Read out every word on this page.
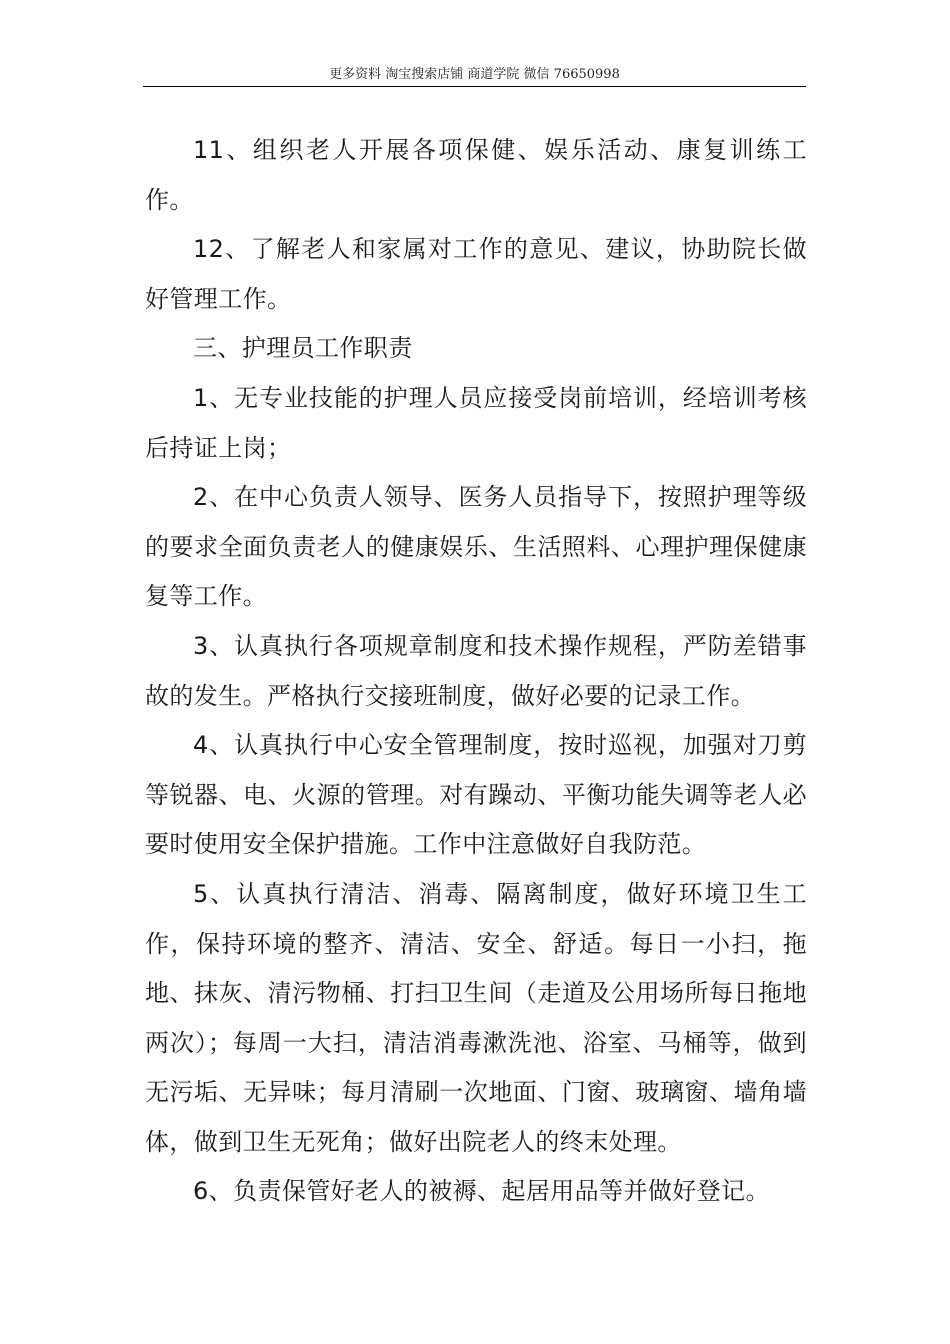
更多资料 淘宝搜索店铺 商道学院 微信 76650998

11、组织老人开展各项保健、娱乐活动、康复训练工作。

12、了解老人和家属对工作的意见、建议，协助院长做好管理工作。

三、护理员工作职责

1、无专业技能的护理人员应接受岗前培训，经培训考核后持证上岗；

2、在中心负责人领导、医务人员指导下，按照护理等级的要求全面负责老人的健康娱乐、生活照料、心理护理保健康复等工作。

3、认真执行各项规章制度和技术操作规程，严防差错事故的发生。严格执行交接班制度，做好必要的记录工作。

4、认真执行中心安全管理制度，按时巡视，加强对刀剪等锐器、电、火源的管理。对有躁动、平衡功能失调等老人必要时使用安全保护措施。工作中注意做好自我防范。

5、认真执行清洁、消毒、隔离制度，做好环境卫生工作，保持环境的整齐、清洁、安全、舒适。每日一小扫，拖地、抹灰、清污物桶、打扫卫生间（走道及公用场所每日拖地两次）；每周一大扫，清洁消毒漱洗池、浴室、马桶等，做到无污垢、无异味；每月清刷一次地面、门窗、玻璃窗、墙角墙体，做到卫生无死角；做好出院老人的终末处理。

6、负责保管好老人的被褥、起居用品等并做好登记。
